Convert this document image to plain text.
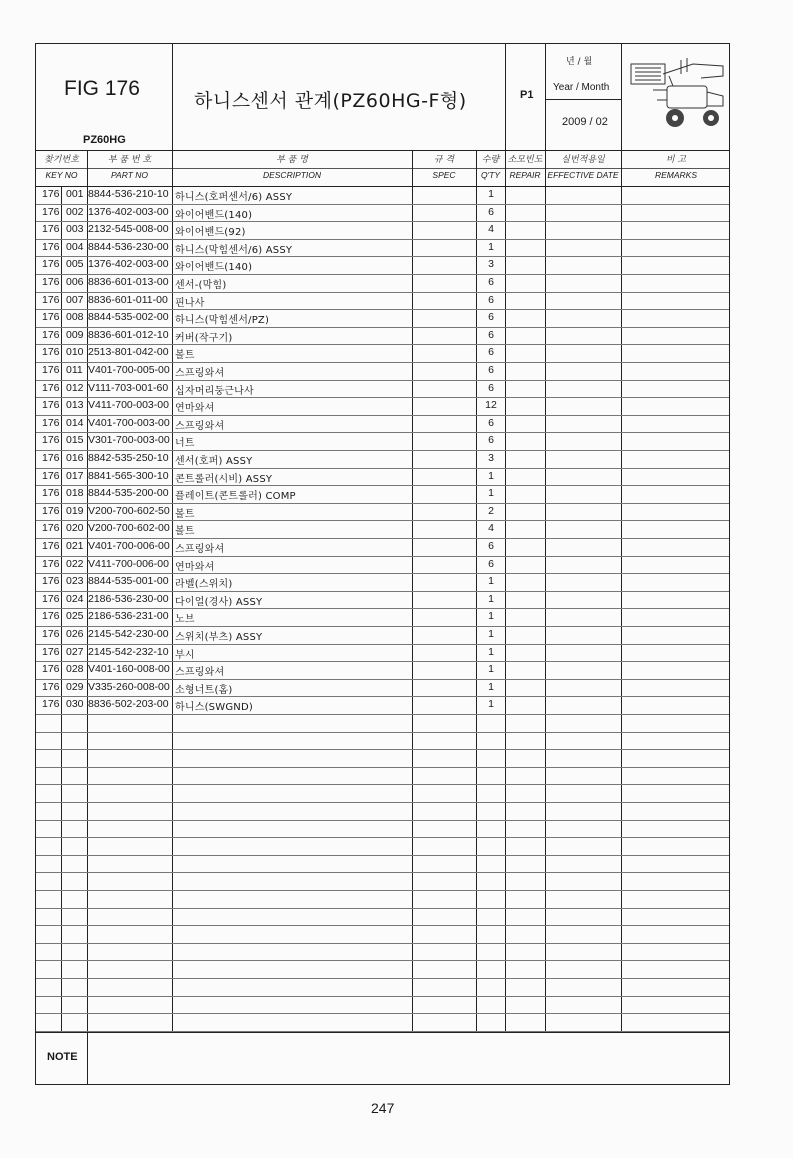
FIG 176
PZ60HG
하니스센서 관계(PZ60HG-F형)	P1
년 / 월
Year / Month
2009 / 02
찾기번호
KEY NO
부 품 번 호
PART NO
부 품 명
DESCRIPTION
규 격
SPEC
수량
Q'TY
소모빈도
REPAIR
실번적용일
EFFECTIVE DATE
비 고
REMARKS
176 001 8844-536-210-10 하니스(호퍼센서/6) ASSY	1
176 002 1376-402-003-00 와이어밴드(140)	6
176 003 2132-545-008-00 와이어밴드(92)	4
176 004 8844-536-230-00 하니스(막힘센서/6) ASSY	1
176 005 1376-402-003-00 와이어밴드(140)	3
176 006 8836-601-013-00 센서-(막힘)	6
176 007 8836-601-011-00 핀나사	6
176 008 8844-535-002-00 하니스(막힘센서/PZ)	6
176 009 8836-601-012-10 커버(작구기)	6
176 010 2513-801-042-00 볼트	6
176 011 V401-700-005-00 스프링와셔	6
176 012 V111-703-001-60 십자머리둥근나사	6
176 013 V411-700-003-00 연마와셔	12
176 014 V401-700-003-00 스프링와셔	6
176 015 V301-700-003-00 너트	6
176 016 8842-535-250-10 센서(호퍼) ASSY	3
176 017 8841-565-300-10 콘트롤러(시비) ASSY	1
176 018 8844-535-200-00 플레이트(콘트롤러) COMP	1
176 019 V200-700-602-50 볼트	2
176 020 V200-700-602-00 볼트	4
176 021 V401-700-006-00 스프링와셔	6
176 022 V411-700-006-00 연마와셔	6
176 023 8844-535-001-00 라벨(스위치)	1
176 024 2186-536-230-00 다이얼(경사) ASSY	1
176 025 2186-536-231-00 노브	1
176 026 2145-542-230-00 스위치(부츠) ASSY	1
176 027 2145-542-232-10 부시	1
176 028 V401-160-008-00 스프링와셔	1
176 029 V335-260-008-00 소형너트(홈)	1
176 030 8836-502-203-00 하니스(SWGND)	1
NOTE
247
